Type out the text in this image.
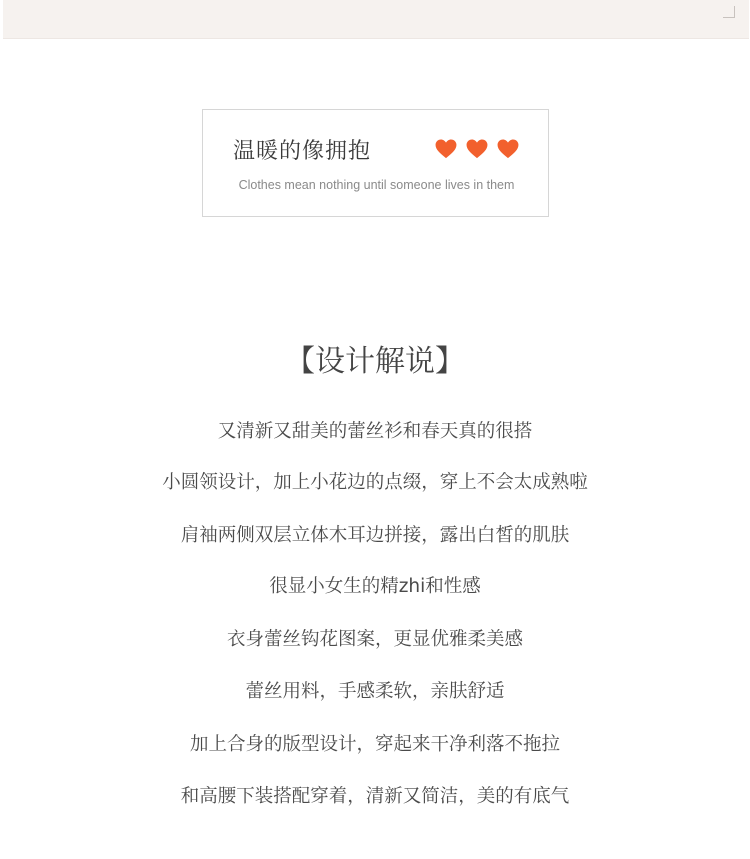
温暖的像拥抱
Clothes mean nothing until someone lives in them
【设计解说】
又清新又甜美的蕾丝衫和春天真的很搭
小圆领设计，加上小花边的点缀，穿上不会太成熟啦
肩袖两侧双层立体木耳边拼接，露出白皙的肌肤
很显小女生的精zhi和性感
衣身蕾丝钩花图案，更显优雅柔美感
蕾丝用料，手感柔软，亲肤舒适
加上合身的版型设计，穿起来干净利落不拖拉
和高腰下装搭配穿着，清新又简洁，美的有底气
